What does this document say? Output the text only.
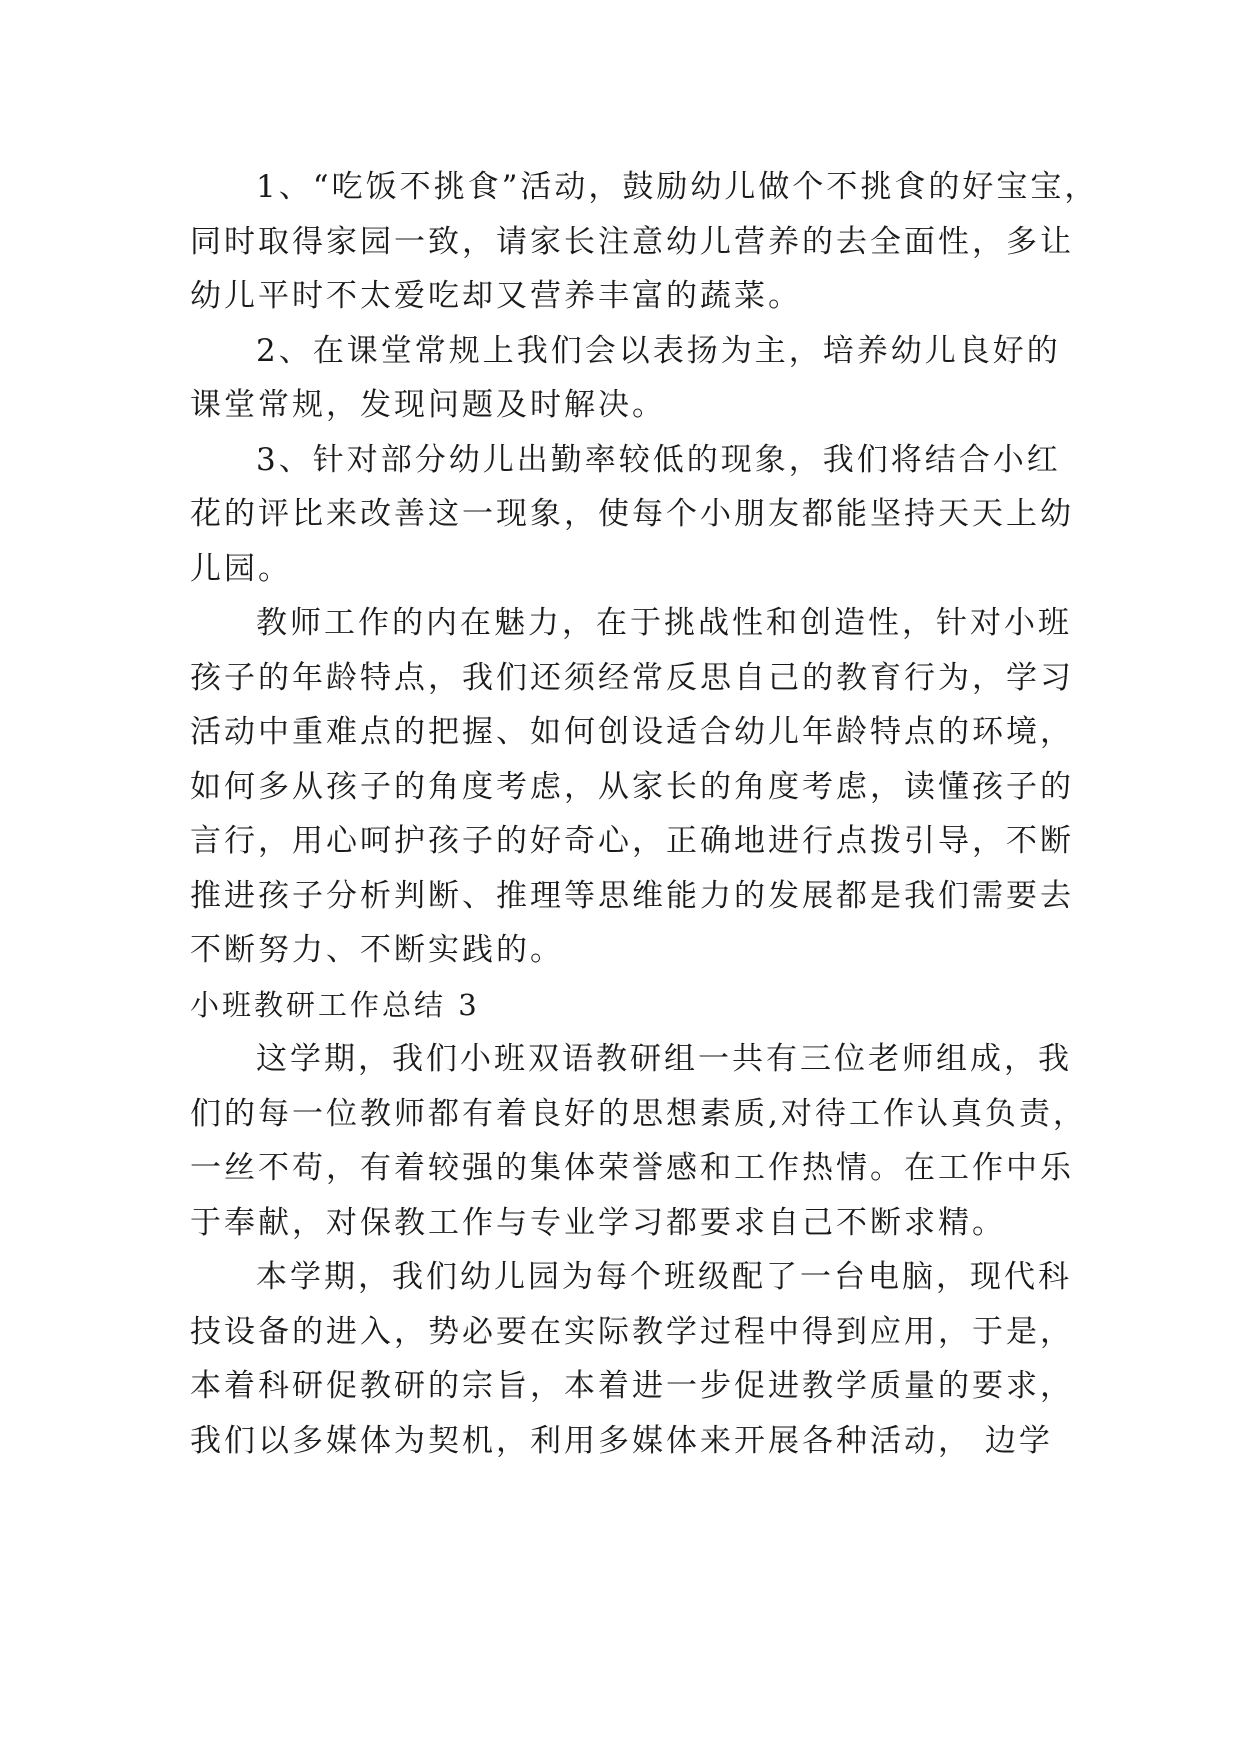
1、“吃饭不挑食”活动，鼓励幼儿做个不挑食的好宝宝，
同时取得家园一致，请家长注意幼儿营养的去全面性，多让
幼儿平时不太爱吃却又营养丰富的蔬菜。
2、在课堂常规上我们会以表扬为主，培养幼儿良好的
课堂常规，发现问题及时解决。
3、针对部分幼儿出勤率较低的现象，我们将结合小红
花的评比来改善这一现象，使每个小朋友都能坚持天天上幼
儿园。
教师工作的内在魅力，在于挑战性和创造性，针对小班
孩子的年龄特点，我们还须经常反思自己的教育行为，学习
活动中重难点的把握、如何创设适合幼儿年龄特点的环境，
如何多从孩子的角度考虑，从家长的角度考虑，读懂孩子的
言行，用心呵护孩子的好奇心，正确地进行点拨引导，不断
推进孩子分析判断、推理等思维能力的发展都是我们需要去
不断努力、不断实践的。
小班教研工作总结 3
这学期，我们小班双语教研组一共有三位老师组成，我
们的每一位教师都有着良好的思想素质,对待工作认真负责，
一丝不苟，有着较强的集体荣誉感和工作热情。在工作中乐
于奉献，对保教工作与专业学习都要求自己不断求精。
本学期，我们幼儿园为每个班级配了一台电脑，现代科
技设备的进入，势必要在实际教学过程中得到应用，于是，
本着科研促教研的宗旨，本着进一步促进教学质量的要求，
我们以多媒体为契机，利用多媒体来开展各种活动， 边学
